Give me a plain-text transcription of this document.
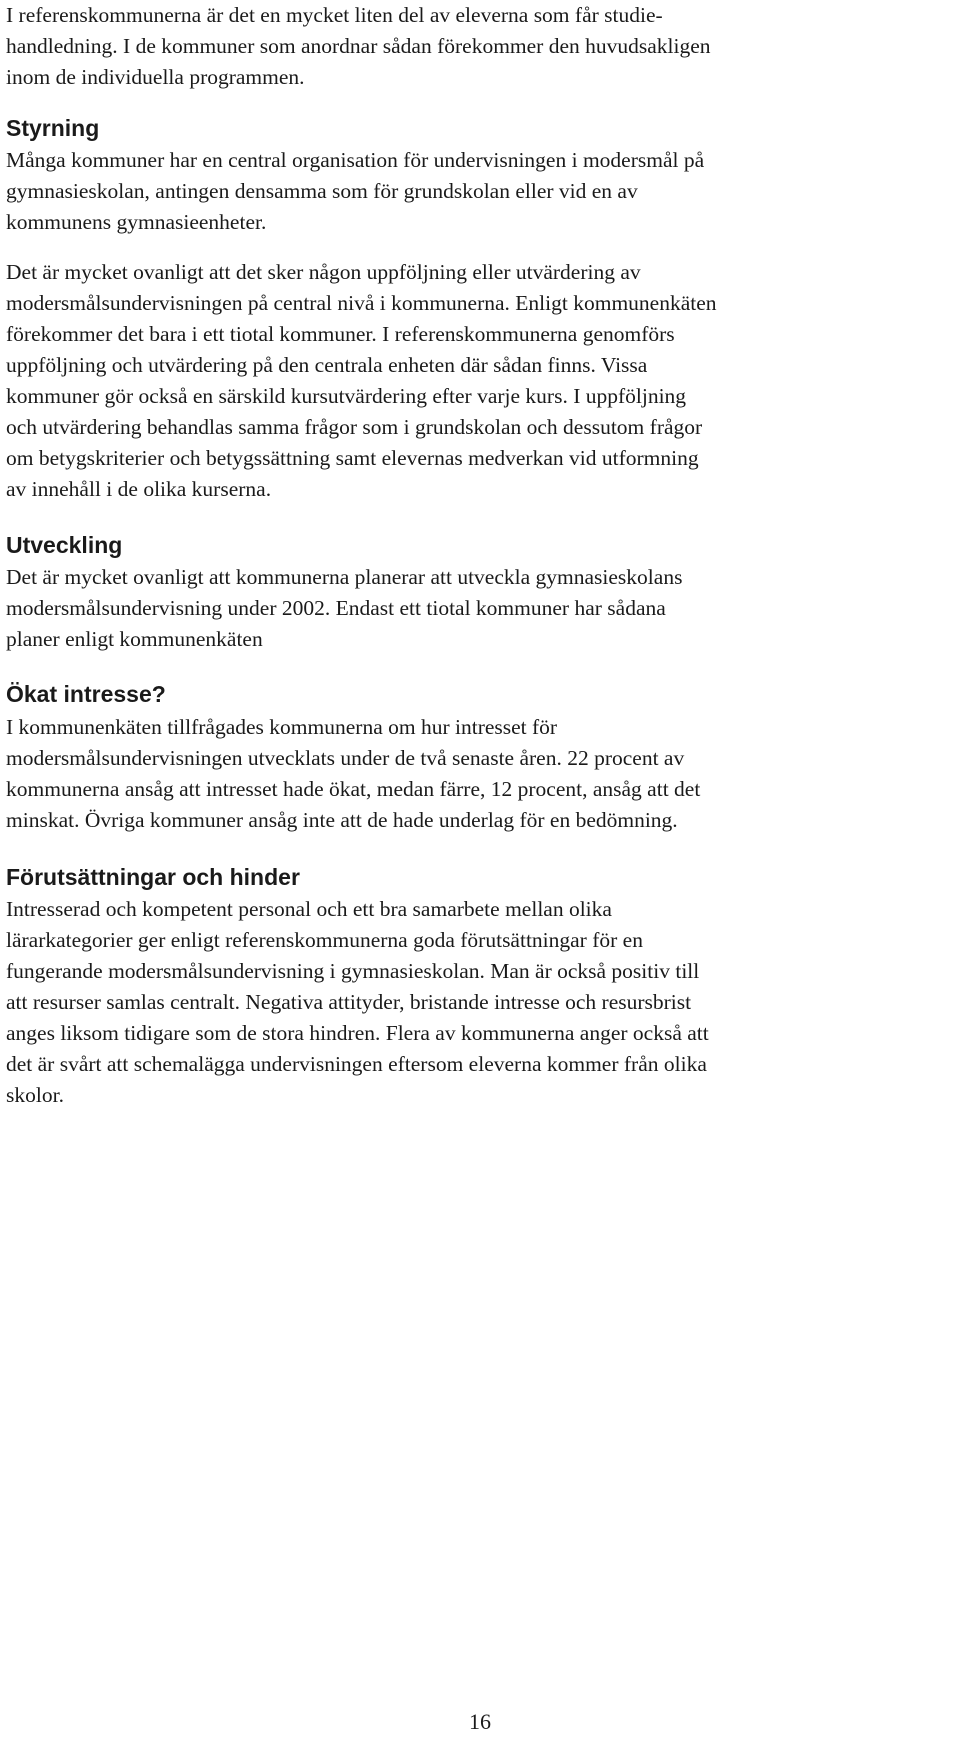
I referenskommunerna är det en mycket liten del av eleverna som får studie-
handledning. I de kommuner som anordnar sådan förekommer den huvudsakligen
inom de individuella programmen.

Styrning

Många kommuner har en central organisation för undervisningen i modersmål på
gymnasieskolan, antingen densamma som för grundskolan eller vid en av
kommunens gymnasieenheter.

Det är mycket ovanligt att det sker någon uppföljning eller utvärdering av
modersmålsundervisningen på central nivå i kommunerna. Enligt kommunenkäten
förekommer det bara i ett tiotal kommuner. I referenskommunerna genomförs
uppföljning och utvärdering på den centrala enheten där sådan finns. Vissa
kommuner gör också en särskild kursutvärdering efter varje kurs. I uppföljning
och utvärdering behandlas samma frågor som i grundskolan och dessutom frågor
om betygskriterier och betygssättning samt elevernas medverkan vid utformning
av innehåll i de olika kurserna.

Utveckling

Det är mycket ovanligt att kommunerna planerar att utveckla gymnasieskolans
modersmålsundervisning under 2002. Endast ett tiotal kommuner har sådana
planer enligt kommunenkäten

Ökat intresse?

I kommunenkäten tillfrågades kommunerna om hur intresset för
modersmålsundervisningen utvecklats under de två senaste åren. 22 procent av
kommunerna ansåg att intresset hade ökat, medan färre, 12 procent, ansåg att det
minskat. Övriga kommuner ansåg inte att de hade underlag för en bedömning.

Förutsättningar och hinder

Intresserad och kompetent personal och ett bra samarbete mellan olika
lärarkategorier ger enligt referenskommunerna goda förutsättningar för en
fungerande modersmålsundervisning i gymnasieskolan. Man är också positiv till
att resurser samlas centralt. Negativa attityder, bristande intresse och resursbrist
anges liksom tidigare som de stora hindren. Flera av kommunerna anger också att
det är svårt att schemalägga undervisningen eftersom eleverna kommer från olika
skolor.

16
